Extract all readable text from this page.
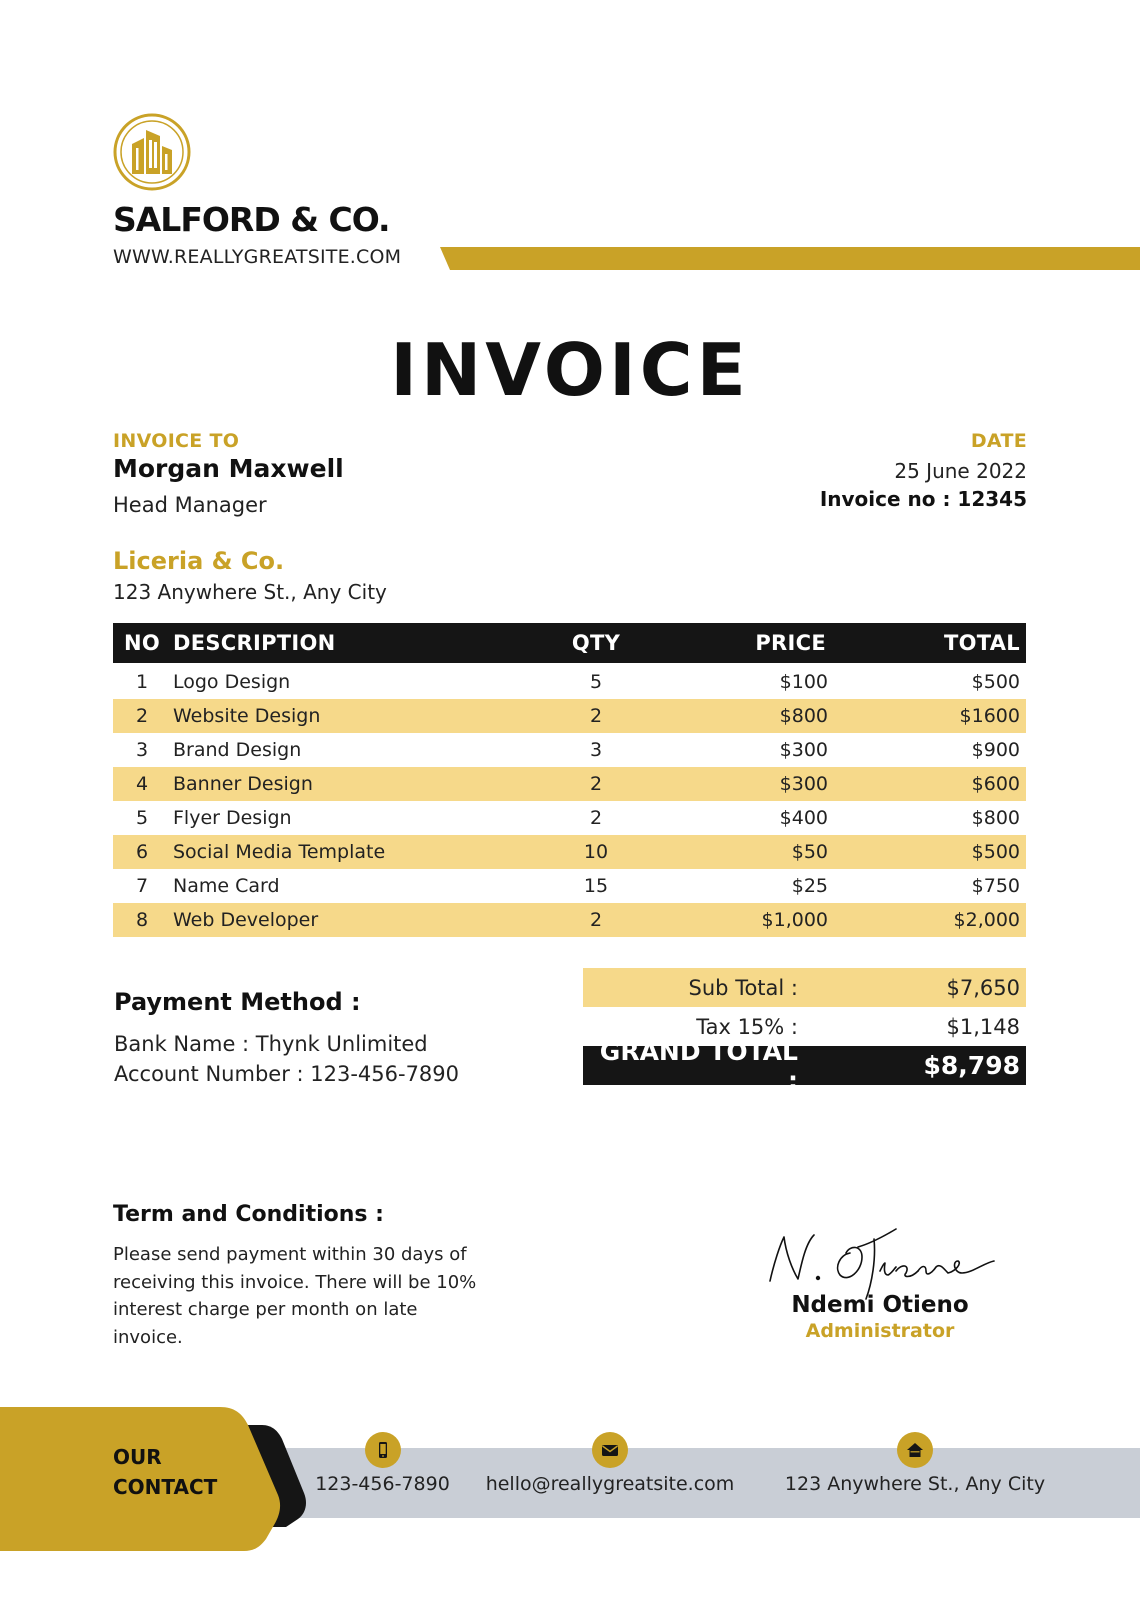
SALFORD & CO.
WWW.REALLYGREATSITE.COM
INVOICE
INVOICE TO
Morgan Maxwell
Head Manager
Liceria & Co.
123 Anywhere St., Any City
DATE
25 June 2022
Invoice no : 12345
NO DESCRIPTION	QTY	PRICE	TOTAL
1	Logo Design	5	$100	$500
2	Website Design	2	$800	$1600
3	Brand Design	3	$300	$900
4	Banner Design	2	$300	$600
5	Flyer Design	2	$400	$800
6	Social Media Template	10	$50	$500
7	Name Card	15	$25	$750
8	Web Developer	2	$1,000	$2,000
Payment Method :
Bank Name : Thynk Unlimited
Account Number : 123-456-7890
Sub Total :	$7,650
Tax 15% :	$1,148
GRAND TOTAL :	$8,798
Term and Conditions :
Please send payment within 30 days of receiving this invoice. There will be 10% interest charge per month on late invoice.
Ndemi Otieno
Administrator
OUR
CONTACT	123-456-7890 hello@reallygreatsite.com	123 Anywhere St., Any City
